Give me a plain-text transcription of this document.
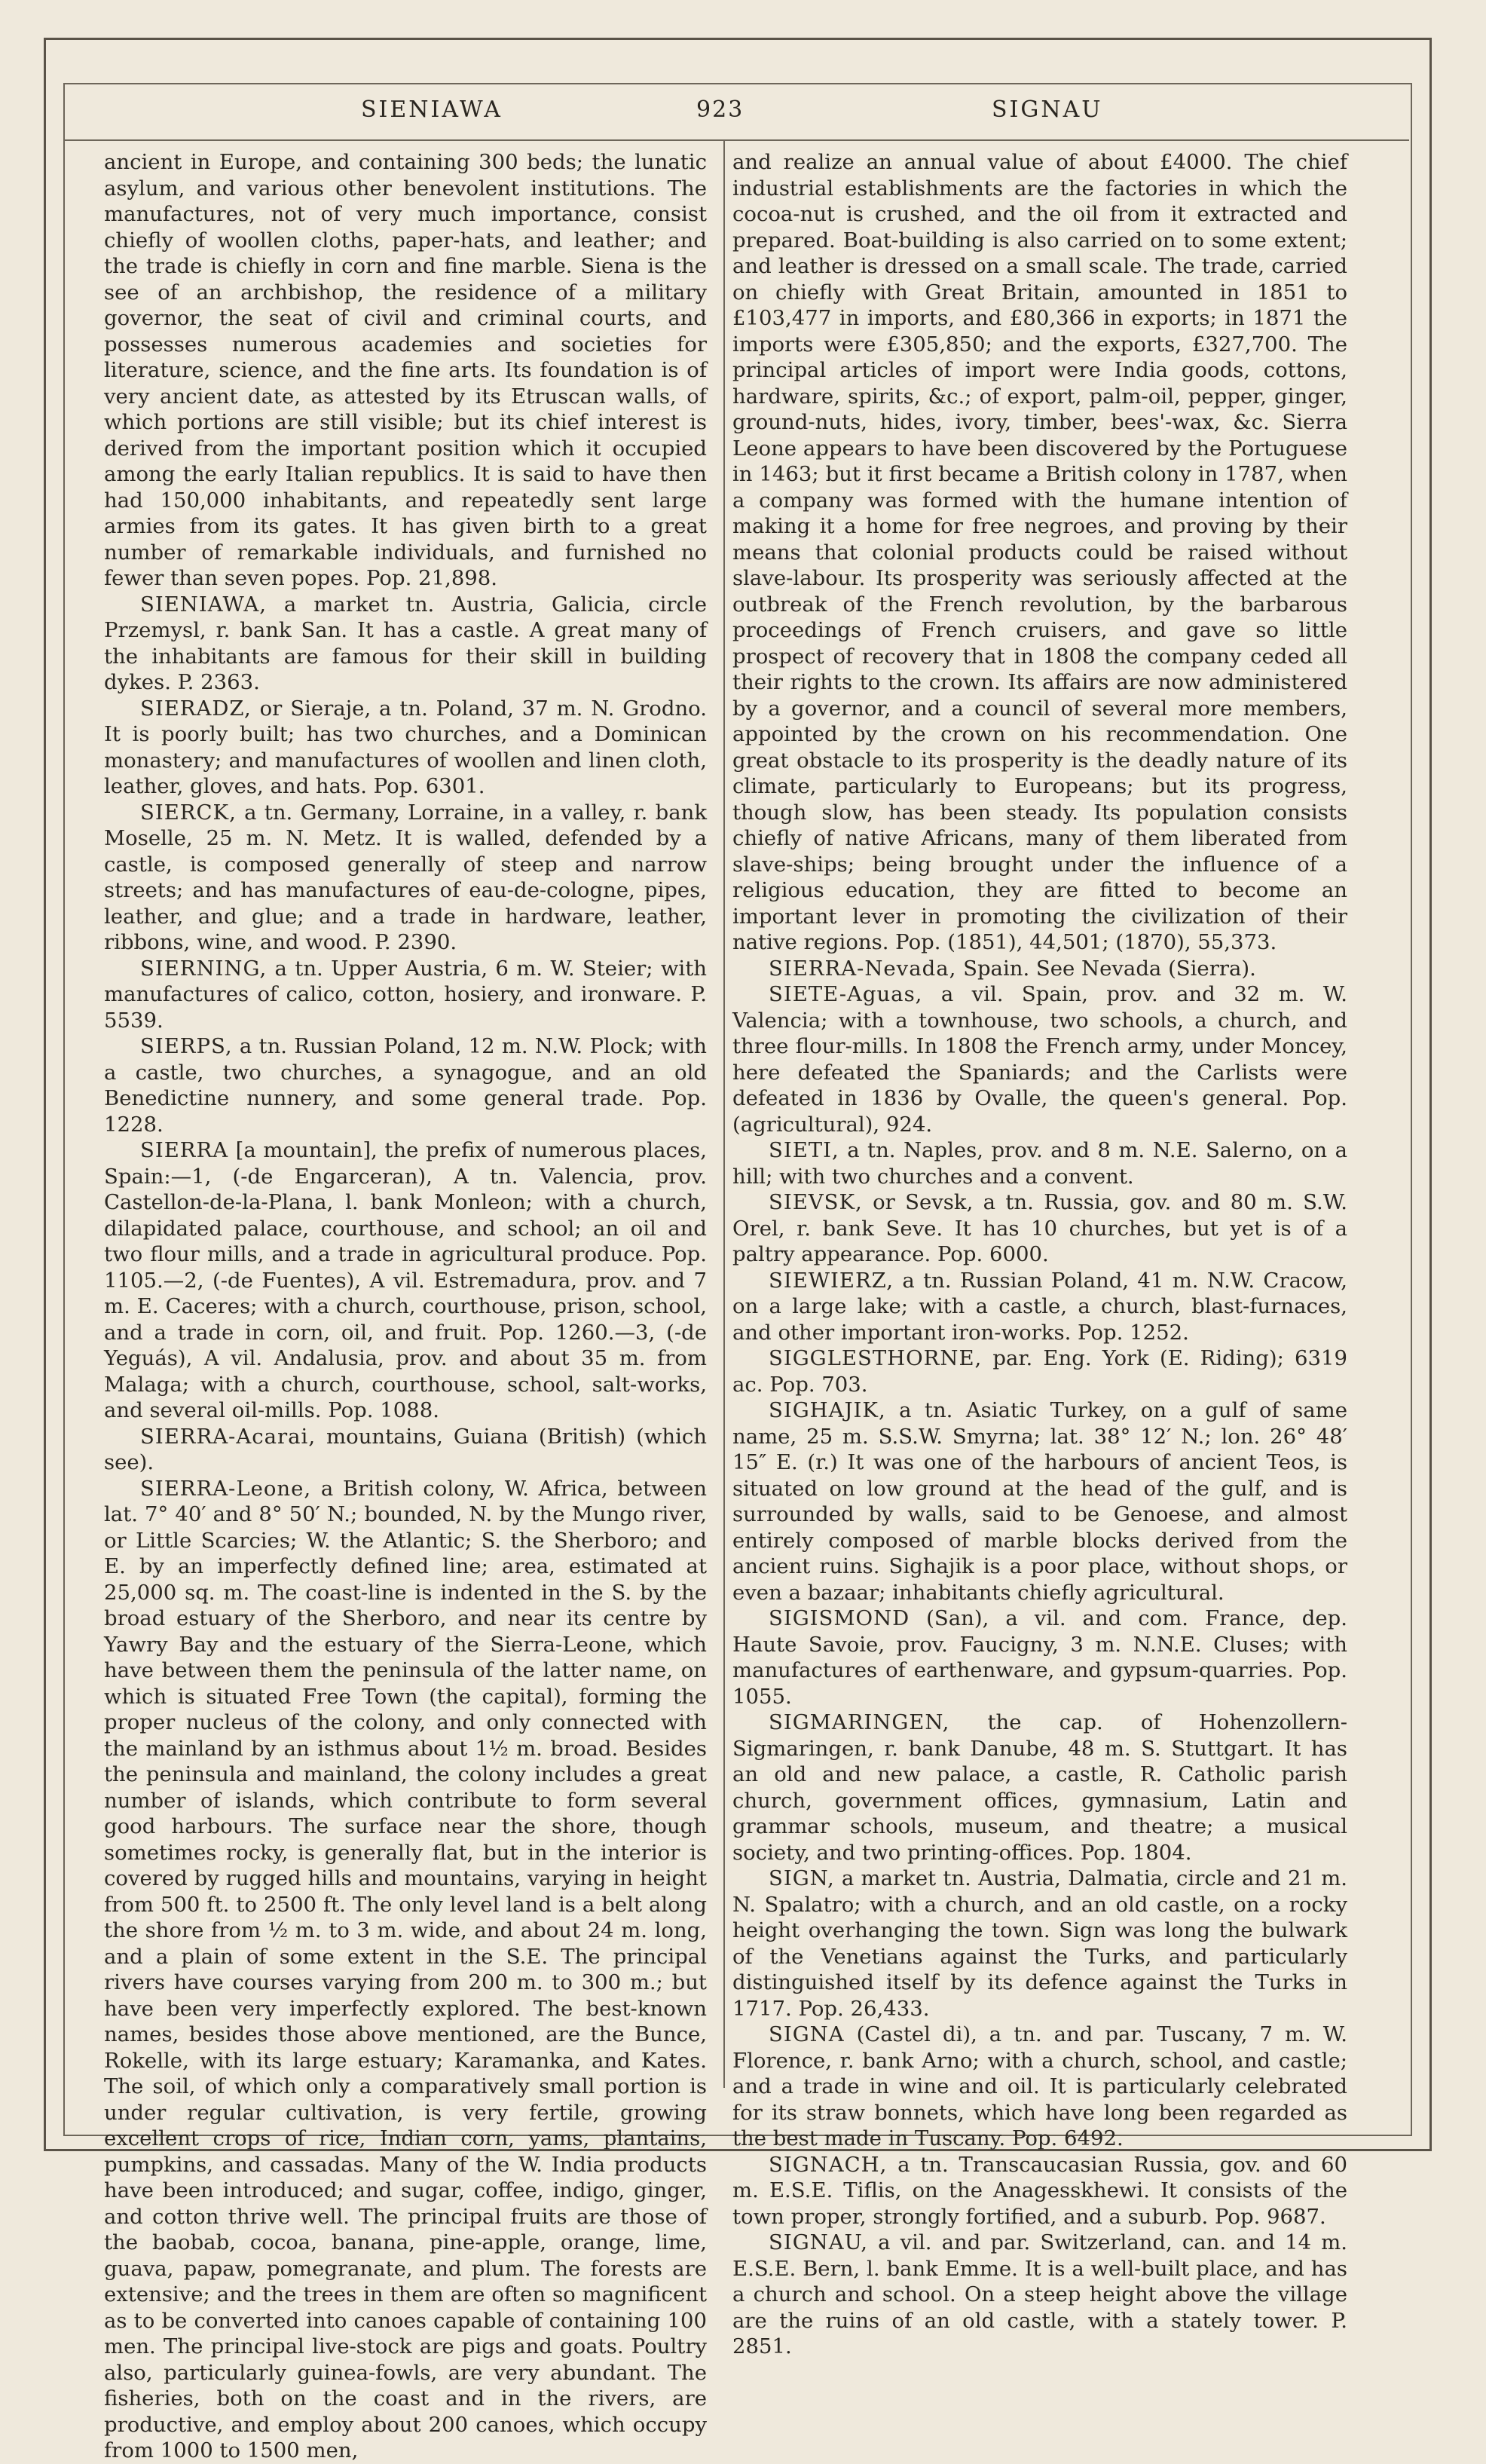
SIENIAWA	923	SIGNAU

ancient in Europe, and containing 300 beds; the lunatic asylum, and various other benevolent institutions. The manufactures, not of very much importance, consist chiefly of woollen cloths, paper-hats, and leather; and the trade is chiefly in corn and fine marble. Siena is the see of an archbishop, the residence of a military governor, the seat of civil and criminal courts, and possesses numerous academies and societies for literature, science, and the fine arts. Its foundation is of very ancient date, as attested by its Etruscan walls, of which portions are still visible; but its chief interest is derived from the important position which it occupied among the early Italian republics. It is said to have then had 150,000 inhabitants, and repeatedly sent large armies from its gates. It has given birth to a great number of remarkable individuals, and furnished no fewer than seven popes. Pop. 21,898.

SIENIAWA, a market tn. Austria, Galicia, circle Przemysl, r. bank San. It has a castle. A great many of the inhabitants are famous for their skill in building dykes. P. 2363.

SIERADZ, or Sieraje, a tn. Poland, 37 m. N. Grodno. It is poorly built; has two churches, and a Dominican monastery; and manufactures of woollen and linen cloth, leather, gloves, and hats. Pop. 6301.

SIERCK, a tn. Germany, Lorraine, in a valley, r. bank Moselle, 25 m. N. Metz. It is walled, defended by a castle, is composed generally of steep and narrow streets; and has manufactures of eau-de-cologne, pipes, leather, and glue; and a trade in hardware, leather, ribbons, wine, and wood. P. 2390.

SIERNING, a tn. Upper Austria, 6 m. W. Steier; with manufactures of calico, cotton, hosiery, and ironware. P. 5539.

SIERPS, a tn. Russian Poland, 12 m. N.W. Plock; with a castle, two churches, a synagogue, and an old Benedictine nunnery, and some general trade. Pop. 1228.

SIERRA [a mountain], the prefix of numerous places, Spain:—1, (-de Engarceran), A tn. Valencia, prov. Castellon-de-la-Plana, l. bank Monleon; with a church, dilapidated palace, courthouse, and school; an oil and two flour mills, and a trade in agricultural produce. Pop. 1105.—2, (-de Fuentes), A vil. Estremadura, prov. and 7 m. E. Caceres; with a church, courthouse, prison, school, and a trade in corn, oil, and fruit. Pop. 1260.—3, (-de Yeguás), A vil. Andalusia, prov. and about 35 m. from Malaga; with a church, courthouse, school, salt-works, and several oil-mills. Pop. 1088.

SIERRA-Acarai, mountains, Guiana (British) (which see).

SIERRA-Leone, a British colony, W. Africa, between lat. 7° 40′ and 8° 50′ N.; bounded, N. by the Mungo river, or Little Scarcies; W. the Atlantic; S. the Sherboro; and E. by an imperfectly defined line; area, estimated at 25,000 sq. m. The coast-line is indented in the S. by the broad estuary of the Sherboro, and near its centre by Yawry Bay and the estuary of the Sierra-Leone, which have between them the peninsula of the latter name, on which is situated Free Town (the capital), forming the proper nucleus of the colony, and only connected with the mainland by an isthmus about 1½ m. broad. Besides the peninsula and mainland, the colony includes a great number of islands, which contribute to form several good harbours. The surface near the shore, though sometimes rocky, is generally flat, but in the interior is covered by rugged hills and mountains, varying in height from 500 ft. to 2500 ft. The only level land is a belt along the shore from ½ m. to 3 m. wide, and about 24 m. long, and a plain of some extent in the S.E. The principal rivers have courses varying from 200 m. to 300 m.; but have been very imperfectly explored. The best-known names, besides those above mentioned, are the Bunce, Rokelle, with its large estuary; Karamanka, and Kates. The soil, of which only a comparatively small portion is under regular cultivation, is very fertile, growing excellent crops of rice, Indian corn, yams, plantains, pumpkins, and cassadas. Many of the W. India products have been introduced; and sugar, coffee, indigo, ginger, and cotton thrive well. The principal fruits are those of the baobab, cocoa, banana, pine-apple, orange, lime, guava, papaw, pomegranate, and plum. The forests are extensive; and the trees in them are often so magnificent as to be converted into canoes capable of containing 100 men. The principal live-stock are pigs and goats. Poultry also, particularly guinea-fowls, are very abundant. The fisheries, both on the coast and in the rivers, are productive, and employ about 200 canoes, which occupy from 1000 to 1500 men,

and realize an annual value of about £4000. The chief industrial establishments are the factories in which the cocoa-nut is crushed, and the oil from it extracted and prepared. Boat-building is also carried on to some extent; and leather is dressed on a small scale. The trade, carried on chiefly with Great Britain, amounted in 1851 to £103,477 in imports, and £80,366 in exports; in 1871 the imports were £305,850; and the exports, £327,700. The principal articles of import were India goods, cottons, hardware, spirits, &c.; of export, palm-oil, pepper, ginger, ground-nuts, hides, ivory, timber, bees'-wax, &c. Sierra Leone appears to have been discovered by the Portuguese in 1463; but it first became a British colony in 1787, when a company was formed with the humane intention of making it a home for free negroes, and proving by their means that colonial products could be raised without slave-labour. Its prosperity was seriously affected at the outbreak of the French revolution, by the barbarous proceedings of French cruisers, and gave so little prospect of recovery that in 1808 the company ceded all their rights to the crown. Its affairs are now administered by a governor, and a council of several more members, appointed by the crown on his recommendation. One great obstacle to its prosperity is the deadly nature of its climate, particularly to Europeans; but its progress, though slow, has been steady. Its population consists chiefly of native Africans, many of them liberated from slave-ships; being brought under the influence of a religious education, they are fitted to become an important lever in promoting the civilization of their native regions. Pop. (1851), 44,501; (1870), 55,373.

SIERRA-Nevada, Spain. See Nevada (Sierra).

SIETE-Aguas, a vil. Spain, prov. and 32 m. W. Valencia; with a townhouse, two schools, a church, and three flour-mills. In 1808 the French army, under Moncey, here defeated the Spaniards; and the Carlists were defeated in 1836 by Ovalle, the queen's general. Pop. (agricultural), 924.

SIETI, a tn. Naples, prov. and 8 m. N.E. Salerno, on a hill; with two churches and a convent.

SIEVSK, or Sevsk, a tn. Russia, gov. and 80 m. S.W. Orel, r. bank Seve. It has 10 churches, but yet is of a paltry appearance. Pop. 6000.

SIEWIERZ, a tn. Russian Poland, 41 m. N.W. Cracow, on a large lake; with a castle, a church, blast-furnaces, and other important iron-works. Pop. 1252.

SIGGLESTHORNE, par. Eng. York (E. Riding); 6319 ac. Pop. 703.

SIGHAJIK, a tn. Asiatic Turkey, on a gulf of same name, 25 m. S.S.W. Smyrna; lat. 38° 12′ N.; lon. 26° 48′ 15″ E. (r.) It was one of the harbours of ancient Teos, is situated on low ground at the head of the gulf, and is surrounded by walls, said to be Genoese, and almost entirely composed of marble blocks derived from the ancient ruins. Sighajik is a poor place, without shops, or even a bazaar; inhabitants chiefly agricultural.

SIGISMOND (San), a vil. and com. France, dep. Haute Savoie, prov. Faucigny, 3 m. N.N.E. Cluses; with manufactures of earthenware, and gypsum-quarries. Pop. 1055.

SIGMARINGEN, the cap. of Hohenzollern-Sigmaringen, r. bank Danube, 48 m. S. Stuttgart. It has an old and new palace, a castle, R. Catholic parish church, government offices, gymnasium, Latin and grammar schools, museum, and theatre; a musical society, and two printing-offices. Pop. 1804.

SIGN, a market tn. Austria, Dalmatia, circle and 21 m. N. Spalatro; with a church, and an old castle, on a rocky height overhanging the town. Sign was long the bulwark of the Venetians against the Turks, and particularly distinguished itself by its defence against the Turks in 1717. Pop. 26,433.

SIGNA (Castel di), a tn. and par. Tuscany, 7 m. W. Florence, r. bank Arno; with a church, school, and castle; and a trade in wine and oil. It is particularly celebrated for its straw bonnets, which have long been regarded as the best made in Tuscany. Pop. 6492.

SIGNACH, a tn. Transcaucasian Russia, gov. and 60 m. E.S.E. Tiflis, on the Anagesskhewi. It consists of the town proper, strongly fortified, and a suburb. Pop. 9687.

SIGNAU, a vil. and par. Switzerland, can. and 14 m. E.S.E. Bern, l. bank Emme. It is a well-built place, and has a church and school. On a steep height above the village are the ruins of an old castle, with a stately tower. P. 2851.
